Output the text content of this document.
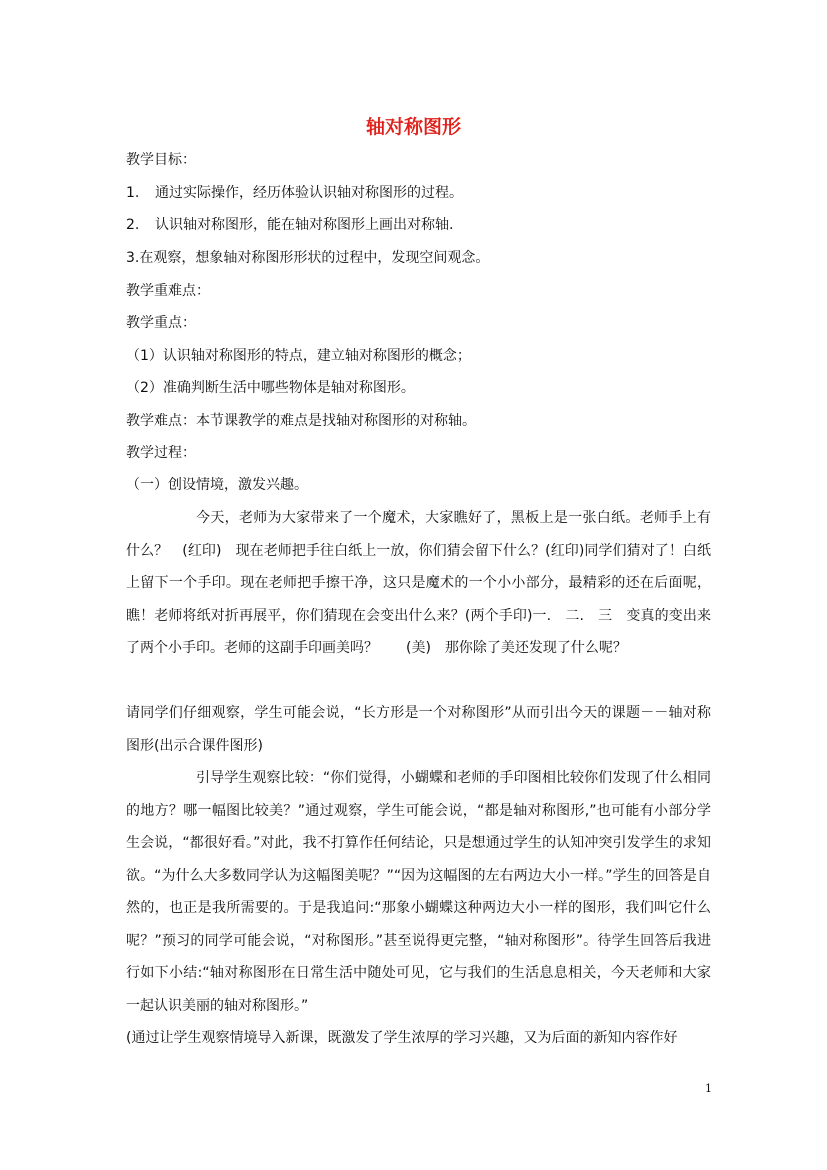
轴对称图形
教学目标：
1. 通过实际操作，经历体验认识轴对称图形的过程。
2. 认识轴对称图形，能在轴对称图形上画出对称轴.
3.在观察，想象轴对称图形形状的过程中，发现空间观念。
教学重难点：
教学重点：
（1）认识轴对称图形的特点，建立轴对称图形的概念；
（2）准确判断生活中哪些物体是轴对称图形。
教学难点：本节课教学的难点是找轴对称图形的对称轴。
教学过程：
（一）创设情境，激发兴趣。

今天，老师为大家带来了一个魔术，大家瞧好了，黑板上是一张白纸。老师手上有什么？　(红印)　现在老师把手往白纸上一放，你们猜会留下什么？(红印)同学们猜对了！白纸上留下一个手印。现在老师把手擦干净，这只是魔术的一个小小部分，最精彩的还在后面呢，瞧！老师将纸对折再展平，你们猜现在会变出什么来？(两个手印)一.　二.　三　变真的变出来了两个小手印。老师的这副手印画美吗？　　(美)　那你除了美还发现了什么呢？

请同学们仔细观察，学生可能会说，“长方形是一个对称图形”从而引出今天的课题－－轴对称图形(出示合课件图形)

引导学生观察比较：“你们觉得，小蝴蝶和老师的手印图相比较你们发现了什么相同的地方？哪一幅图比较美？”通过观察，学生可能会说，“都是轴对称图形,”也可能有小部分学生会说，“都很好看。”对此，我不打算作任何结论，只是想通过学生的认知冲突引发学生的求知欲。“为什么大多数同学认为这幅图美呢？”“因为这幅图的左右两边大小一样。”学生的回答是自然的，也正是我所需要的。于是我追问:“那象小蝴蝶这种两边大小一样的图形，我们叫它什么呢？”预习的同学可能会说，“对称图形。”甚至说得更完整，“轴对称图形”。待学生回答后我进行如下小结:“轴对称图形在日常生活中随处可见，它与我们的生活息息相关，今天老师和大家一起认识美丽的轴对称图形。”

(通过让学生观察情境导入新课，既激发了学生浓厚的学习兴趣，又为后面的新知内容作好

1
